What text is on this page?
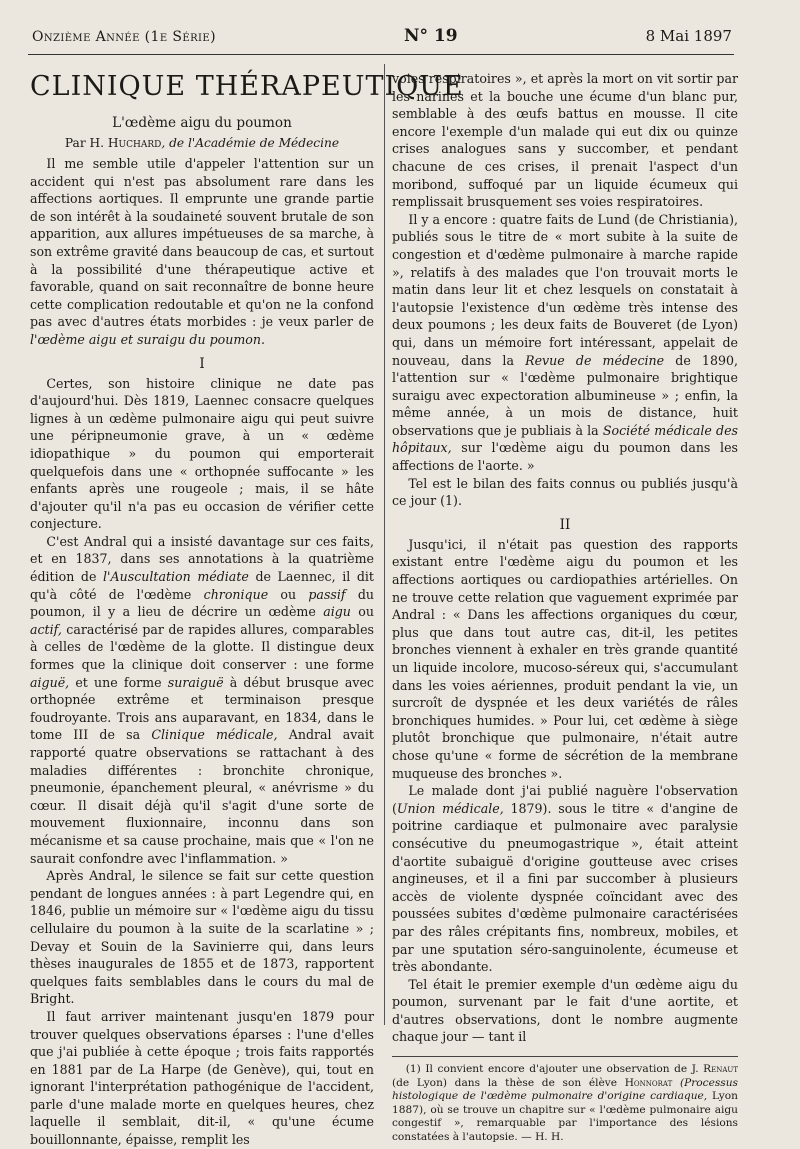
Onzième Année (1e Série)	N° 19	8 Mai 1897
CLINIQUE THÉRAPEUTIQUE
L'œdème aigu du poumon
Par H. Huchard, de l'Académie de Médecine

Il me semble utile d'appeler l'attention sur un accident qui n'est pas absolument rare dans les affections aortiques. Il emprunte une grande partie de son intérêt à la soudaineté souvent brutale de son apparition, aux allures impétueuses de sa marche, à son extrême gravité dans beaucoup de cas, et surtout à la possibilité d'une thérapeutique active et favorable, quand on sait reconnaître de bonne heure cette complication redoutable et qu'on ne la confond pas avec d'autres états morbides : je veux parler de l'œdème aigu et suraigu du poumon.

I

Certes, son histoire clinique ne date pas d'aujourd'hui. Dès 1819, Laennec consacre quelques lignes à un œdème pulmonaire aigu qui peut suivre une péripneumonie grave, à un « œdème idiopathique » du poumon qui emporterait quelquefois dans une « orthopnée suffocante » les enfants après une rougeole ; mais, il se hâte d'ajouter qu'il n'a pas eu occasion de vérifier cette conjecture.

C'est Andral qui a insisté davantage sur ces faits, et en 1837, dans ses annotations à la quatrième édition de l'Auscultation médiate de Laennec, il dit qu'à côté de l'œdème chronique ou passif du poumon, il y a lieu de décrire un œdème aigu ou actif, caractérisé par de rapides allures, comparables à celles de l'œdème de la glotte. Il distingue deux formes que la clinique doit conserver : une forme aiguë, et une forme suraiguë à début brusque avec orthopnée extrême et terminaison presque foudroyante. Trois ans auparavant, en 1834, dans le tome III de sa Clinique médicale, Andral avait rapporté quatre observations se rattachant à des maladies différentes : bronchite chronique, pneumonie, épanchement pleural, « anévrisme » du cœur. Il disait déjà qu'il s'agit d'une sorte de mouvement fluxionnaire, inconnu dans son mécanisme et sa cause prochaine, mais que « l'on ne saurait confondre avec l'inflammation. »

Après Andral, le silence se fait sur cette question pendant de longues années : à part Legendre qui, en 1846, publie un mémoire sur « l'œdème aigu du tissu cellulaire du poumon à la suite de la scarlatine » ; Devay et Souin de la Savinierre qui, dans leurs thèses inaugurales de 1855 et de 1873, rapportent quelques faits semblables dans le cours du mal de Bright.

Il faut arriver maintenant jusqu'en 1879 pour trouver quelques observations éparses : l'une d'elles que j'ai publiée à cette époque ; trois faits rapportés en 1881 par de La Harpe (de Genève), qui, tout en ignorant l'interprétation pathogénique de l'accident, parle d'une malade morte en quelques heures, chez laquelle il semblait, dit-il, « qu'une écume bouillonnante, épaisse, remplit les

voies respiratoires », et après la mort on vit sortir par les narines et la bouche une écume d'un blanc pur, semblable à des œufs battus en mousse. Il cite encore l'exemple d'un malade qui eut dix ou quinze crises analogues sans y succomber, et pendant chacune de ces crises, il prenait l'aspect d'un moribond, suffoqué par un liquide écumeux qui remplissait brusquement ses voies respiratoires.

Il y a encore : quatre faits de Lund (de Christiania), publiés sous le titre de « mort subite à la suite de congestion et d'œdème pulmonaire à marche rapide », relatifs à des malades que l'on trouvait morts le matin dans leur lit et chez lesquels on constatait à l'autopsie l'existence d'un œdème très intense des deux poumons ; les deux faits de Bouveret (de Lyon) qui, dans un mémoire fort intéressant, appelait de nouveau, dans la Revue de médecine de 1890, l'attention sur « l'œdème pulmonaire brightique suraigu avec expectoration albumineuse » ; enfin, la même année, à un mois de distance, huit observations que je publiais à la Société médicale des hôpitaux, sur l'œdème aigu du poumon dans les affections de l'aorte. »

Tel est le bilan des faits connus ou publiés jusqu'à ce jour (1).

II

Jusqu'ici, il n'était pas question des rapports existant entre l'œdème aigu du poumon et les affections aortiques ou cardiopathies artérielles. On ne trouve cette relation que vaguement exprimée par Andral : « Dans les affections organiques du cœur, plus que dans tout autre cas, dit-il, les petites bronches viennent à exhaler en très grande quantité un liquide incolore, mucoso-séreux qui, s'accumulant dans les voies aériennes, produit pendant la vie, un surcroît de dyspnée et les deux variétés de râles bronchiques humides. » Pour lui, cet œdème à siège plutôt bronchique que pulmonaire, n'était autre chose qu'une « forme de sécrétion de la membrane muqueuse des bronches ».

Le malade dont j'ai publié naguère l'observation (Union médicale, 1879). sous le titre « d'angine de poitrine cardiaque et pulmonaire avec paralysie consécutive du pneumogastrique », était atteint d'aortite subaiguë d'origine goutteuse avec crises angineuses, et il a fini par succomber à plusieurs accès de violente dyspnée coïncidant avec des poussées subites d'œdème pulmonaire caractérisées par des râles crépitants fins, nombreux, mobiles, et par une sputation séro-sanguinolente, écumeuse et très abondante.

Tel était le premier exemple d'un œdème aigu du poumon, survenant par le fait d'une aortite, et d'autres observations, dont le nombre augmente chaque jour — tant il

(1) Il convient encore d'ajouter une observation de J. Renaut (de Lyon) dans la thèse de son élève Honnorat (Processus histologique de l'œdème pulmonaire d'origine cardiaque, Lyon 1887), où se trouve un chapitre sur « l'œdème pulmonaire aigu congestif », remarquable par l'importance des lésions constatées à l'autopsie. — H. H.
